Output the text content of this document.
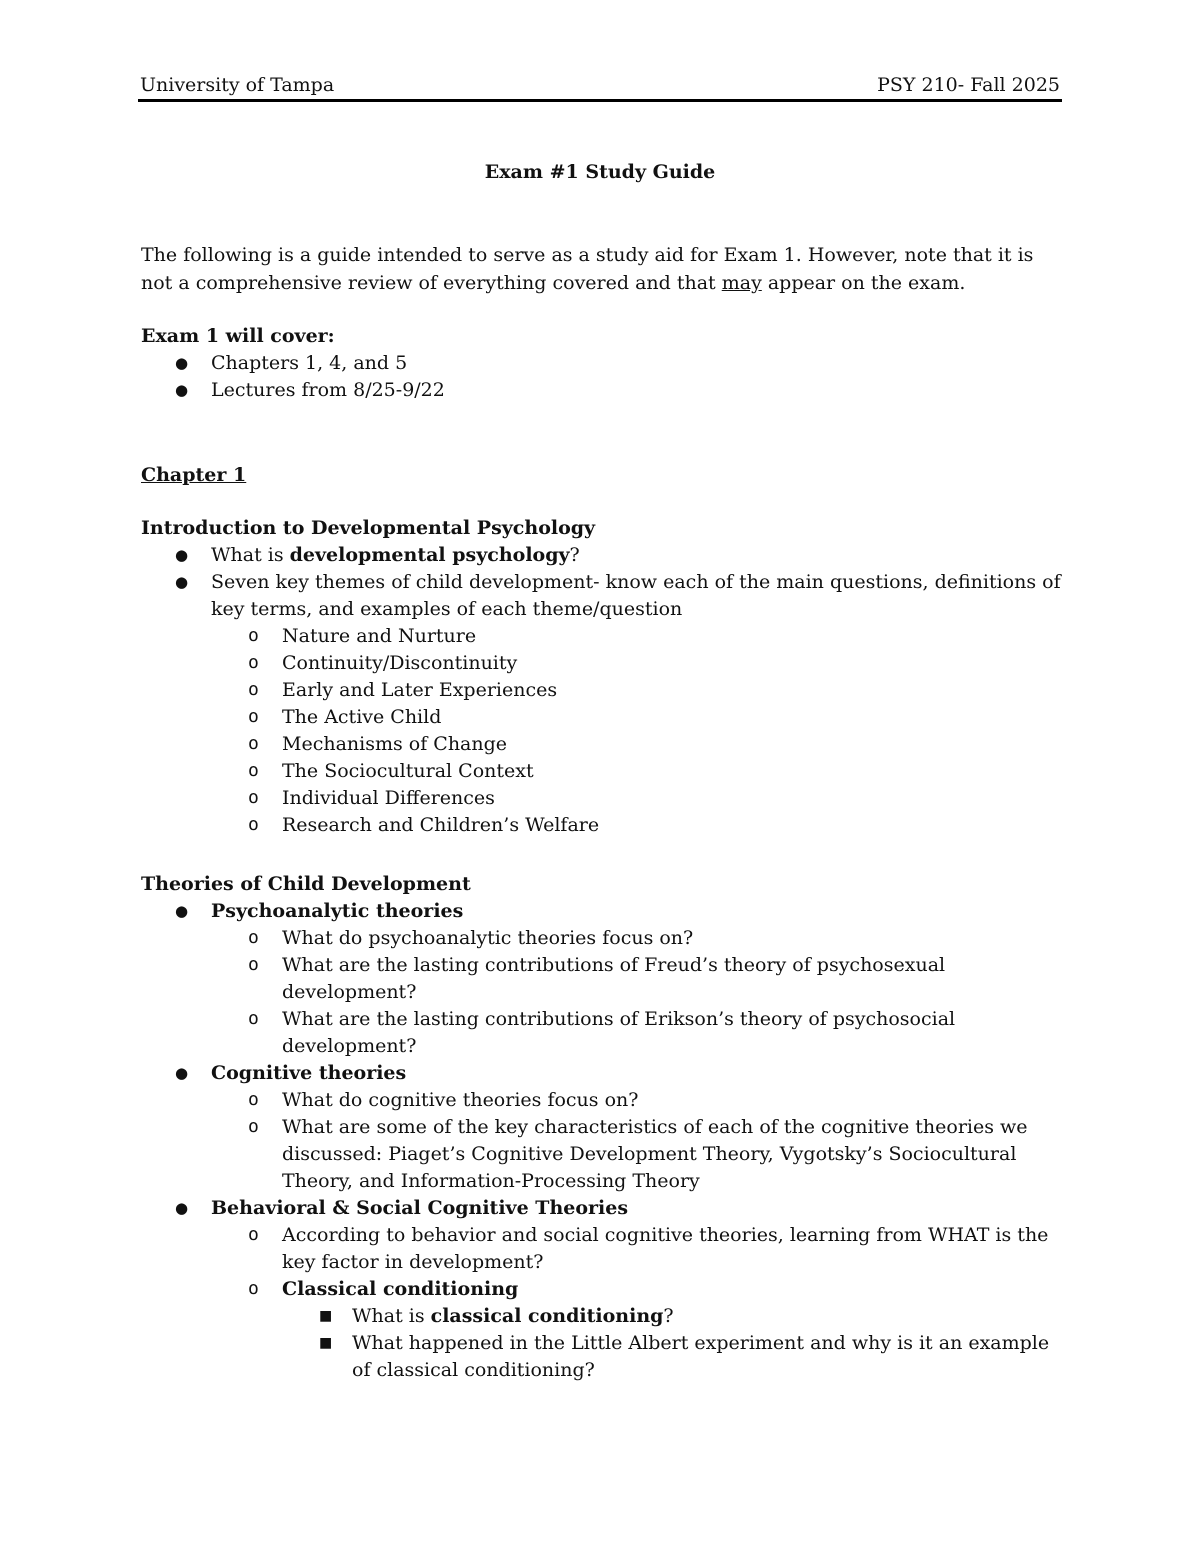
University of Tampa	PSY 210- Fall 2025
Exam #1 Study Guide
The following is a guide intended to serve as a study aid for Exam 1. However, note that it is not a comprehensive review of everything covered and that may appear on the exam.
Exam 1 will cover:
● Chapters 1, 4, and 5
● Lectures from 8/25-9/22
Chapter 1
Introduction to Developmental Psychology
● What is developmental psychology?
● Seven key themes of child development- know each of the main questions, definitions of key terms, and examples of each theme/question
o Nature and Nurture
o Continuity/Discontinuity
o Early and Later Experiences
o The Active Child
o Mechanisms of Change
o The Sociocultural Context
o Individual Differences
o Research and Children’s Welfare
Theories of Child Development
● Psychoanalytic theories
o What do psychoanalytic theories focus on?
o What are the lasting contributions of Freud’s theory of psychosexual development?
o What are the lasting contributions of Erikson’s theory of psychosocial development?
● Cognitive theories
o What do cognitive theories focus on?
o What are some of the key characteristics of each of the cognitive theories we discussed: Piaget’s Cognitive Development Theory, Vygotsky’s Sociocultural Theory, and Information-Processing Theory
● Behavioral & Social Cognitive Theories
o According to behavior and social cognitive theories, learning from WHAT is the key factor in development?
o Classical conditioning
■ What is classical conditioning?
■ What happened in the Little Albert experiment and why is it an example of classical conditioning?
